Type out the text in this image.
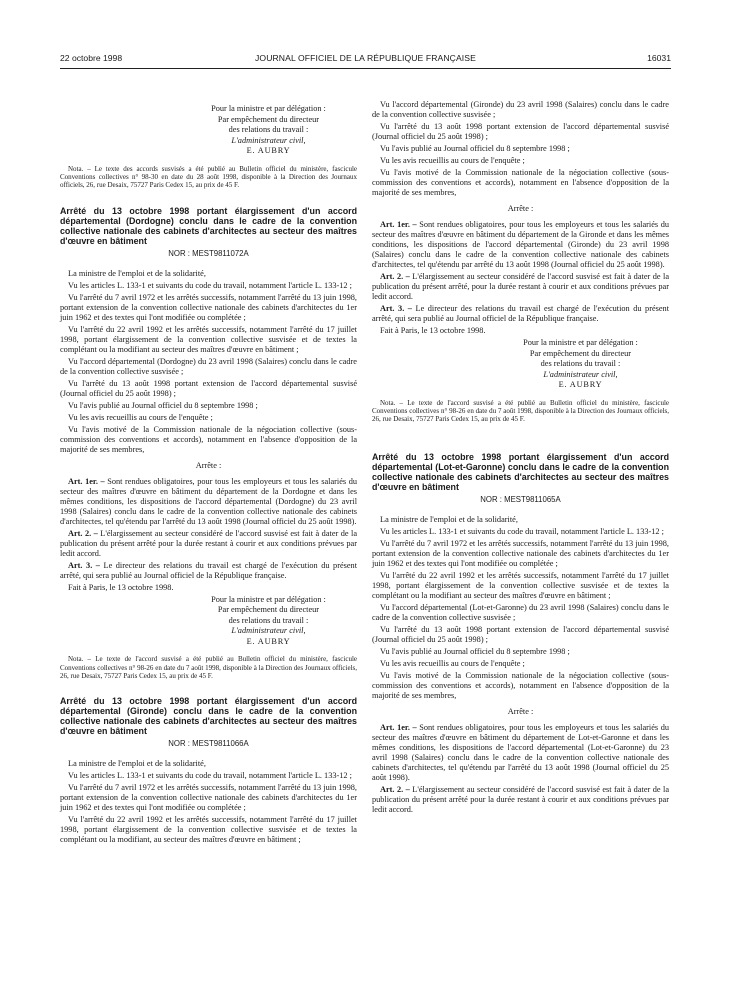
22 octobre 1998	JOURNAL OFFICIEL DE LA RÉPUBLIQUE FRANÇAISE	16031
Pour la ministre et par délégation :
Par empêchement du directeur
des relations du travail :
L'administrateur civil,
E. AUBRY

Nota. – Le texte des accords susvisés a été publié au Bulletin officiel du ministère, fascicule Conventions collectives n° 98-30 en date du 28 août 1998, disponible à la Direction des Journaux officiels, 26, rue Desaix, 75727 Paris Cedex 15, au prix de 45 F.

Arrêté du 13 octobre 1998 portant élargissement d'un accord départemental (Dordogne) conclu dans le cadre de la convention collective nationale des cabinets d'architectes au secteur des maîtres d'œuvre en bâtiment

NOR : MESТ9811072A

La ministre de l'emploi et de la solidarité,

Vu les articles L. 133-1 et suivants du code du travail, notamment l'article L. 133-12 ;

Vu l'arrêté du 7 avril 1972 et les arrêtés successifs, notamment l'arrêté du 13 juin 1998, portant extension de la convention collective nationale des cabinets d'architectes du 1er juin 1962 et des textes qui l'ont modifiée ou complétée ;

Vu l'arrêté du 22 avril 1992 et les arrêtés successifs, notamment l'arrêté du 17 juillet 1998, portant élargissement de la convention collective susvisée et de textes la complétant ou la modifiant au secteur des maîtres d'œuvre en bâtiment ;

Vu l'accord départemental (Dordogne) du 23 avril 1998 (Salaires) conclu dans le cadre de la convention collective susvisée ;

Vu l'arrêté du 13 août 1998 portant extension de l'accord départemental susvisé (Journal officiel du 25 août 1998) ;

Vu l'avis publié au Journal officiel du 8 septembre 1998 ;

Vu les avis recueillis au cours de l'enquête ;

Vu l'avis motivé de la Commission nationale de la négociation collective (sous-commission des conventions et accords), notamment en l'absence d'opposition de la majorité de ses membres,

Arrête :

Art. 1er. – Sont rendues obligatoires, pour tous les employeurs et tous les salariés du secteur des maîtres d'œuvre en bâtiment du département de la Dordogne et dans les mêmes conditions, les dispositions de l'accord départemental (Dordogne) du 23 avril 1998 (Salaires) conclu dans le cadre de la convention collective nationale des cabinets d'architectes, tel qu'étendu par l'arrêté du 13 août 1998 (Journal officiel du 25 août 1998).

Art. 2. – L'élargissement au secteur considéré de l'accord susvisé est fait à dater de la publication du présent arrêté pour la durée restant à courir et aux conditions prévues par ledit accord.

Art. 3. – Le directeur des relations du travail est chargé de l'exécution du présent arrêté, qui sera publié au Journal officiel de la République française.

Fait à Paris, le 13 octobre 1998.

Pour la ministre et par délégation :
Par empêchement du directeur
des relations du travail :
L'administrateur civil,
E. AUBRY

Nota. – Le texte de l'accord susvisé a été publié au Bulletin officiel du ministère, fascicule Conventions collectives n° 98-26 en date du 7 août 1998, disponible à la Direction des Journaux officiels, 26, rue Desaix, 75727 Paris Cedex 15, au prix de 45 F.

Arrêté du 13 octobre 1998 portant élargissement d'un accord départemental (Gironde) conclu dans le cadre de la convention collective nationale des cabinets d'architectes au secteur des maîtres d'œuvre en bâtiment

NOR : MESТ9811066A

La ministre de l'emploi et de la solidarité,

Vu les articles L. 133-1 et suivants du code du travail, notamment l'article L. 133-12 ;

Vu l'arrêté du 7 avril 1972 et les arrêtés successifs, notamment l'arrêté du 13 juin 1998, portant extension de la convention collective nationale des cabinets d'architectes du 1er juin 1962 et des textes qui l'ont modifiée ou complétée ;

Vu l'arrêté du 22 avril 1992 et les arrêtés successifs, notamment l'arrêté du 17 juillet 1998, portant élargissement de la convention collective susvisée et de textes la complétant ou la modifiant, au secteur des maîtres d'œuvre en bâtiment ;

Vu l'accord départemental (Gironde) du 23 avril 1998 (Salaires) conclu dans le cadre de la convention collective susvisée ;

Vu l'arrêté du 13 août 1998 portant extension de l'accord départemental susvisé (Journal officiel du 25 août 1998) ;

Vu l'avis publié au Journal officiel du 8 septembre 1998 ;

Vu les avis recueillis au cours de l'enquête ;

Vu l'avis motivé de la Commission nationale de la négociation collective (sous-commission des conventions et accords), notamment en l'absence d'opposition de la majorité de ses membres,

Arrête :

Art. 1er. – Sont rendues obligatoires, pour tous les employeurs et tous les salariés du secteur des maîtres d'œuvre en bâtiment du département de la Gironde et dans les mêmes conditions, les dispositions de l'accord départemental (Gironde) du 23 avril 1998 (Salaires) conclu dans le cadre de la convention collective nationale des cabinets d'architectes, tel qu'étendu par arrêté du 13 août 1998 (Journal officiel du 25 août 1998).

Art. 2. – L'élargissement au secteur considéré de l'accord susvisé est fait à dater de la publication du présent arrêté, pour la durée restant à courir et aux conditions prévues par ledit accord.

Art. 3. – Le directeur des relations du travail est chargé de l'exécution du présent arrêté, qui sera publié au Journal officiel de la République française.

Fait à Paris, le 13 octobre 1998.

Pour la ministre et par délégation :
Par empêchement du directeur
des relations du travail :
L'administrateur civil,
E. AUBRY

Nota. – Le texte de l'accord susvisé a été publié au Bulletin officiel du ministère, fascicule Conventions collectives n° 98-26 en date du 7 août 1998, disponible à la Direction des Journaux officiels, 26, rue Desaix, 75727 Paris Cedex 15, au prix de 45 F.

Arrêté du 13 octobre 1998 portant élargissement d'un accord départemental (Lot-et-Garonne) conclu dans le cadre de la convention collective nationale des cabinets d'architectes au secteur des maîtres d'œuvre en bâtiment

NOR : MESТ9811065A

La ministre de l'emploi et de la solidarité,

Vu les articles L. 133-1 et suivants du code du travail, notamment l'article L. 133-12 ;

Vu l'arrêté du 7 avril 1972 et les arrêtés successifs, notamment l'arrêté du 13 juin 1998, portant extension de la convention collective nationale des cabinets d'architectes du 1er juin 1962 et des textes qui l'ont modifiée ou complétée ;

Vu l'arrêté du 22 avril 1992 et les arrêtés successifs, notamment l'arrêté du 17 juillet 1998, portant élargissement de la convention collective susvisée et de textes la complétant ou la modifiant au secteur des maîtres d'œuvre en bâtiment ;

Vu l'accord départemental (Lot-et-Garonne) du 23 avril 1998 (Salaires) conclu dans le cadre de la convention collective susvisée ;

Vu l'arrêté du 13 août 1998 portant extension de l'accord départemental susvisé (Journal officiel du 25 août 1998) ;

Vu l'avis publié au Journal officiel du 8 septembre 1998 ;

Vu les avis recueillis au cours de l'enquête ;

Vu l'avis motivé de la Commission nationale de la négociation collective (sous-commission des conventions et accords), notamment en l'absence d'opposition de la majorité de ses membres,

Arrête :

Art. 1er. – Sont rendues obligatoires, pour tous les employeurs et tous les salariés du secteur des maîtres d'œuvre en bâtiment du département de Lot-et-Garonne et dans les mêmes conditions, les dispositions de l'accord départemental (Lot-et-Garonne) du 23 avril 1998 (Salaires) conclu dans le cadre de la convention collective nationale des cabinets d'architectes, tel qu'étendu par l'arrêté du 13 août 1998 (Journal officiel du 25 août 1998).

Art. 2. – L'élargissement au secteur considéré de l'accord susvisé est fait à dater de la publication du présent arrêté pour la durée restant à courir et aux conditions prévues par ledit accord.
